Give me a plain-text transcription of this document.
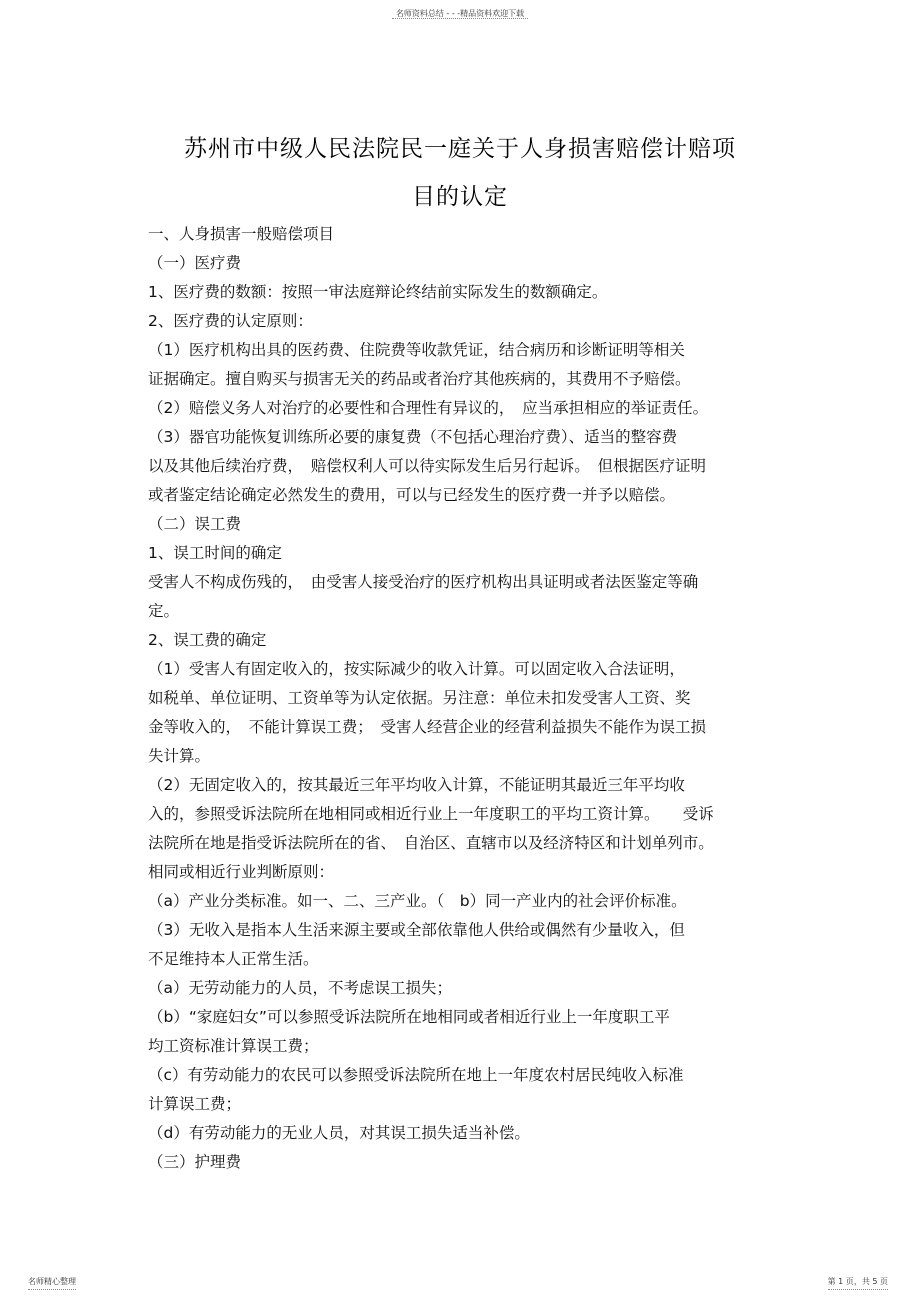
名师资料总结 - - -精品资料欢迎下载
苏州市中级人民法院民一庭关于人身损害赔偿计赔项
目的认定
一、人身损害一般赔偿项目
（一）医疗费
1、医疗费的数额：按照一审法庭辩论终结前实际发生的数额确定。
2、医疗费的认定原则：
（1）医疗机构出具的医药费、住院费等收款凭证，结合病历和诊断证明等相关
证据确定。擅自购买与损害无关的药品或者治疗其他疾病的，其费用不予赔偿。
（2）赔偿义务人对治疗的必要性和合理性有异议的，　应当承担相应的举证责任。
（3）器官功能恢复训练所必要的康复费（不包括心理治疗费）、适当的整容费
以及其他后续治疗费，　赔偿权利人可以待实际发生后另行起诉。　但根据医疗证明
或者鉴定结论确定必然发生的费用，可以与已经发生的医疗费一并予以赔偿。
（二）误工费
1、误工时间的确定
受害人不构成伤残的，　由受害人接受治疗的医疗机构出具证明或者法医鉴定等确
定。
2、误工费的确定
（1）受害人有固定收入的，按实际减少的收入计算。可以固定收入合法证明，
如税单、单位证明、工资单等为认定依据。另注意：单位未扣发受害人工资、奖
金等收入的，　不能计算误工费；　受害人经营企业的经营利益损失不能作为误工损
失计算。
（2）无固定收入的，按其最近三年平均收入计算，不能证明其最近三年平均收
入的，参照受诉法院所在地相同或相近行业上一年度职工的平均工资计算。　　受诉
法院所在地是指受诉法院所在的省、　自治区、直辖市以及经济特区和计划单列市。
相同或相近行业判断原则：
（a）产业分类标准。如一、二、三产业。（　b）同一产业内的社会评价标准。
（3）无收入是指本人生活来源主要或全部依靠他人供给或偶然有少量收入，但
不足维持本人正常生活。
（a）无劳动能力的人员，不考虑误工损失；
（b）“家庭妇女”可以参照受诉法院所在地相同或者相近行业上一年度职工平
均工资标准计算误工费；
（c）有劳动能力的农民可以参照受诉法院所在地上一年度农村居民纯收入标准
计算误工费；
（d）有劳动能力的无业人员，对其误工损失适当补偿。
（三）护理费
名师精心整理	第 1 页，共 5 页
